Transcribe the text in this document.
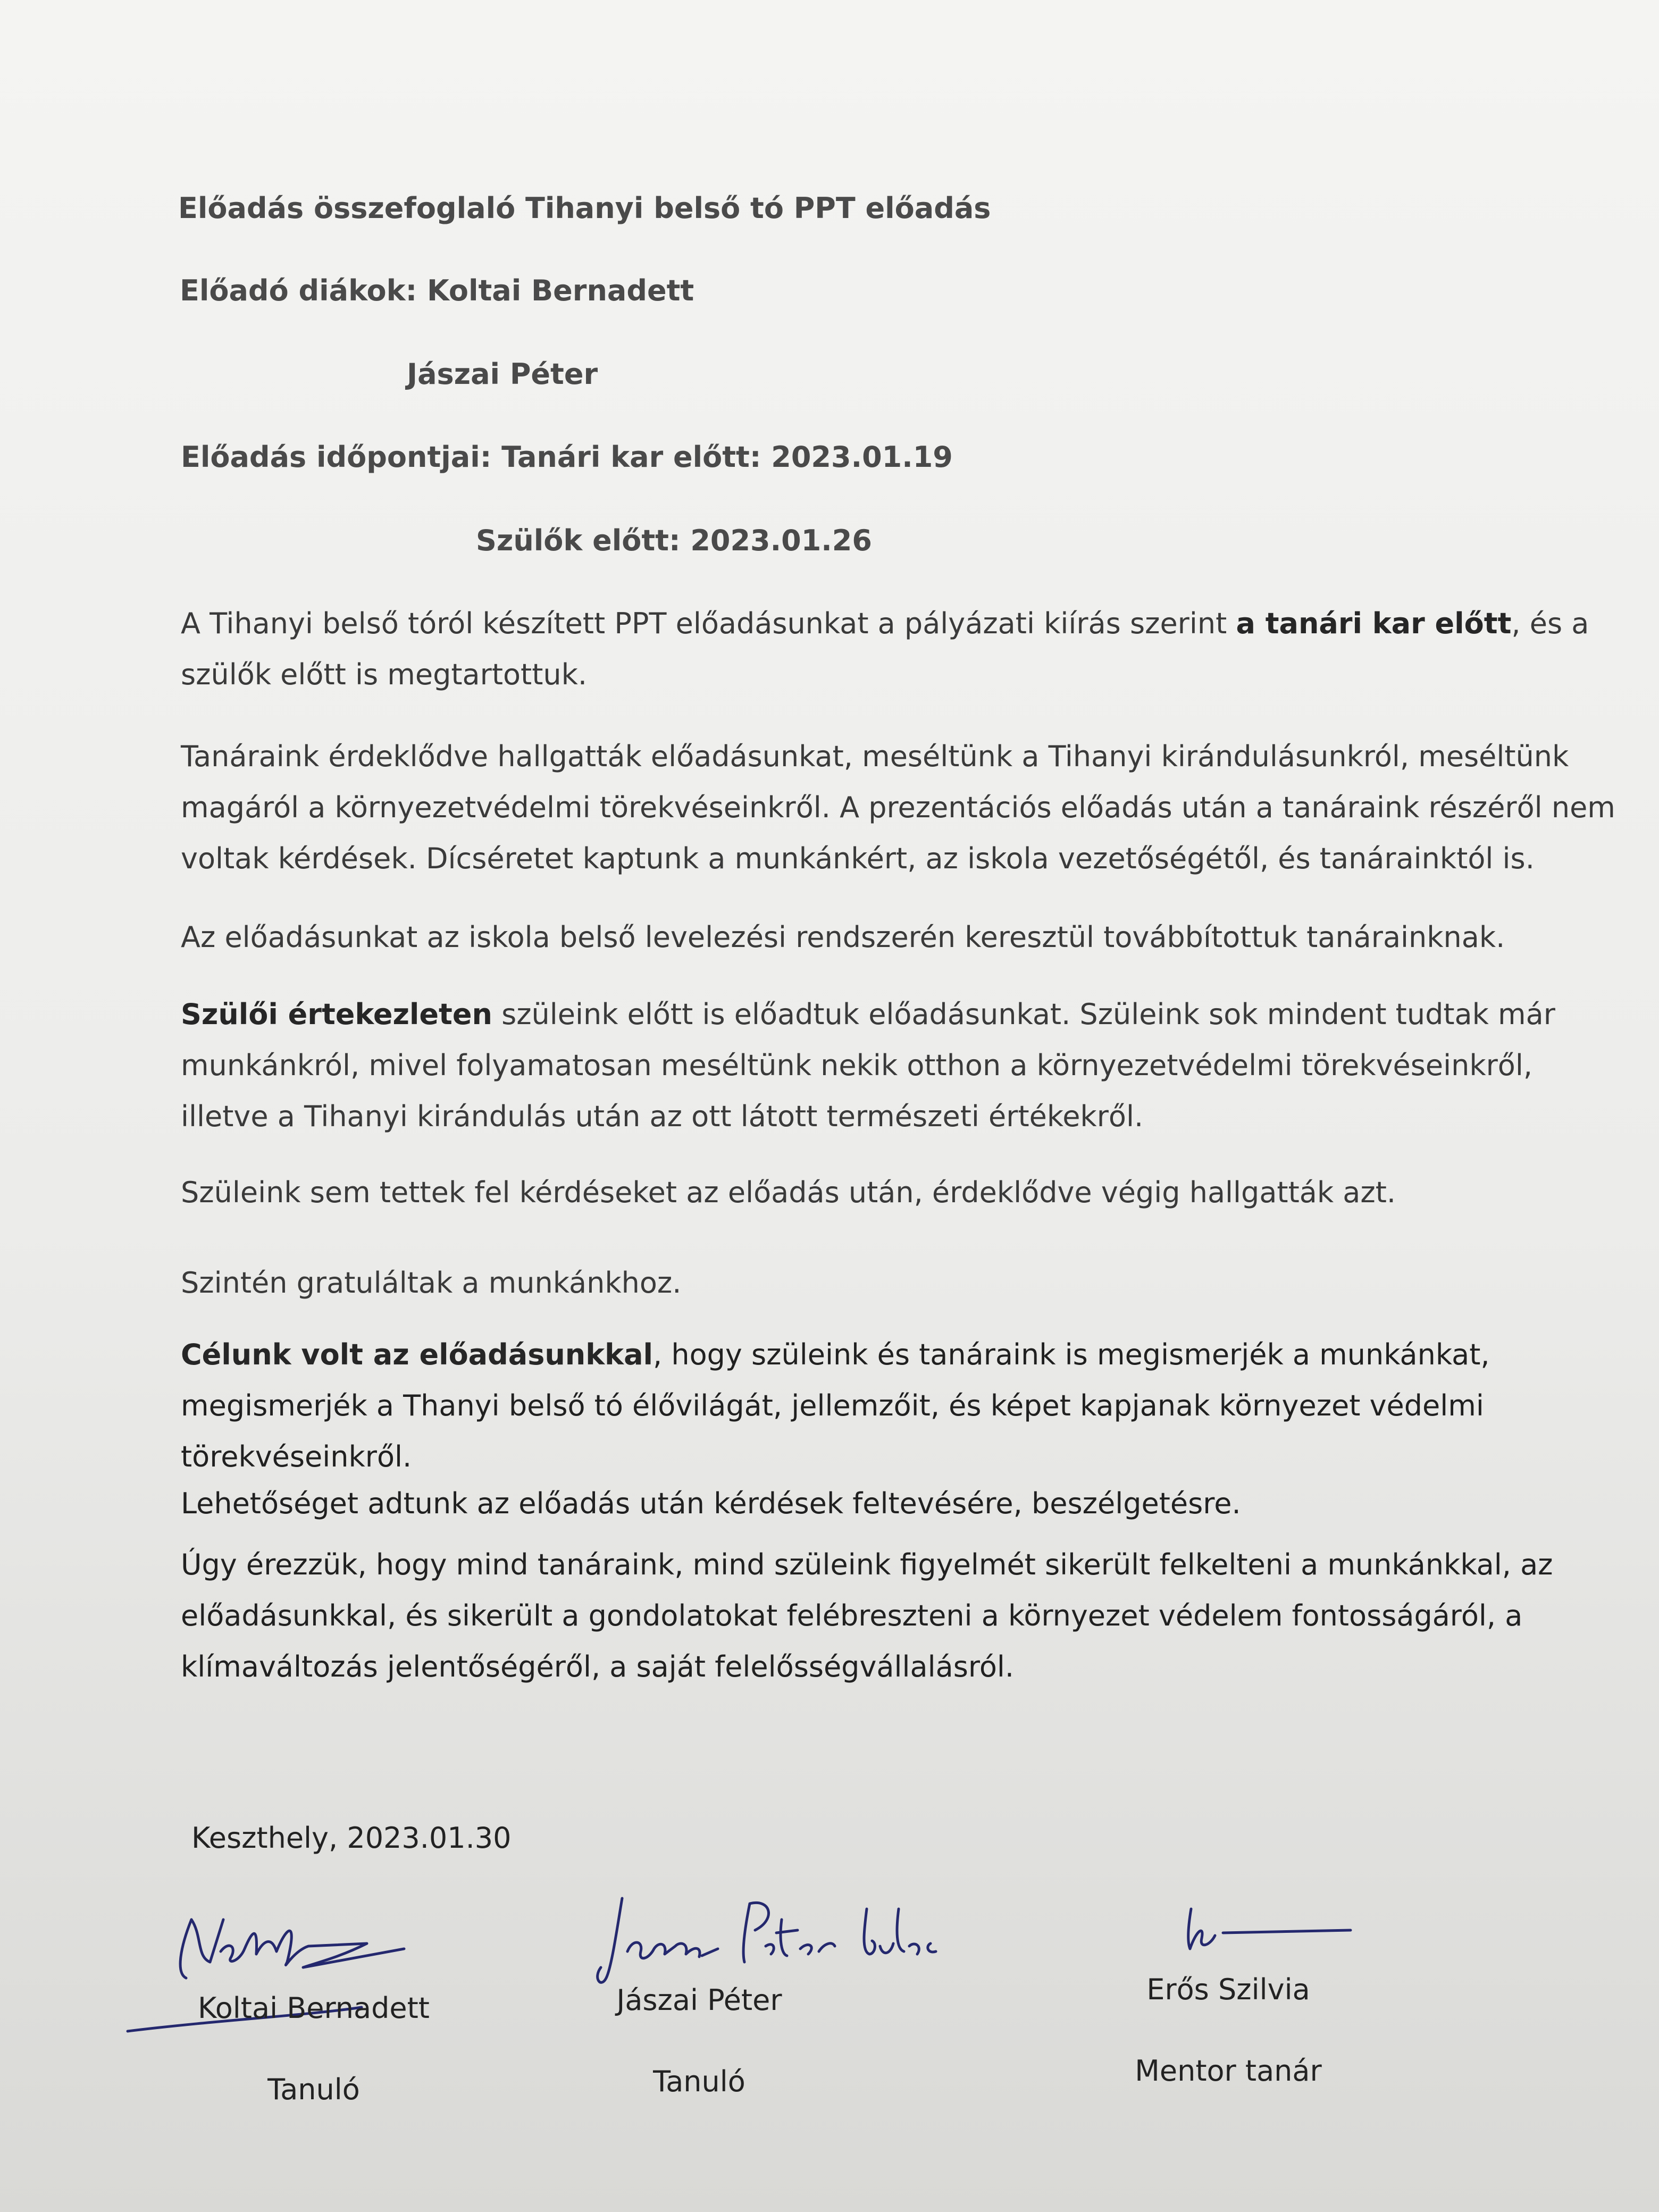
Előadás összefoglaló Tihanyi belső tó PPT előadás
Előadó diákok: Koltai Bernadett
Jászai Péter
Előadás időpontjai: Tanári kar előtt: 2023.01.19
Szülők előtt: 2023.01.26
A Tihanyi belső tóról készített PPT előadásunkat a pályázati kiírás szerint a tanári kar előtt, és a szülők előtt is megtartottuk.
Tanáraink érdeklődve hallgatták előadásunkat, meséltünk a Tihanyi kirándulásunkról, meséltünk magáról a környezetvédelmi törekvéseinkről. A prezentációs előadás után a tanáraink részéről nem voltak kérdések. Dícséretet kaptunk a munkánkért, az iskola vezetőségétől, és tanárainktól is.
Az előadásunkat az iskola belső levelezési rendszerén keresztül továbbítottuk tanárainknak.
Szülői értekezleten szüleink előtt is előadtuk előadásunkat. Szüleink sok mindent tudtak már munkánkról, mivel folyamatosan meséltünk nekik otthon a környezetvédelmi törekvéseinkről, illetve a Tihanyi kirándulás után az ott látott természeti értékekről.
Szüleink sem tettek fel kérdéseket az előadás után, érdeklődve végig hallgatták azt.
Szintén gratuláltak a munkánkhoz.
Célunk volt az előadásunkkal, hogy szüleink és tanáraink is megismerjék a munkánkat, megismerjék a Thanyi belső tó élővilágát, jellemzőit, és képet kapjanak környezet védelmi törekvéseinkről.
Lehetőséget adtunk az előadás után kérdések feltevésére, beszélgetésre.
Úgy érezzük, hogy mind tanáraink, mind szüleink figyelmét sikerült felkelteni a munkánkkal, az előadásunkkal, és sikerült a gondolatokat felébreszteni a környezet védelem fontosságáról, a klímaváltozás jelentőségéről, a saját felelősségvállalásról.
Keszthely, 2023.01.30
Koltai Bernadett
Tanuló
Jászai Péter
Tanuló
Erős Szilvia
Mentor tanár
